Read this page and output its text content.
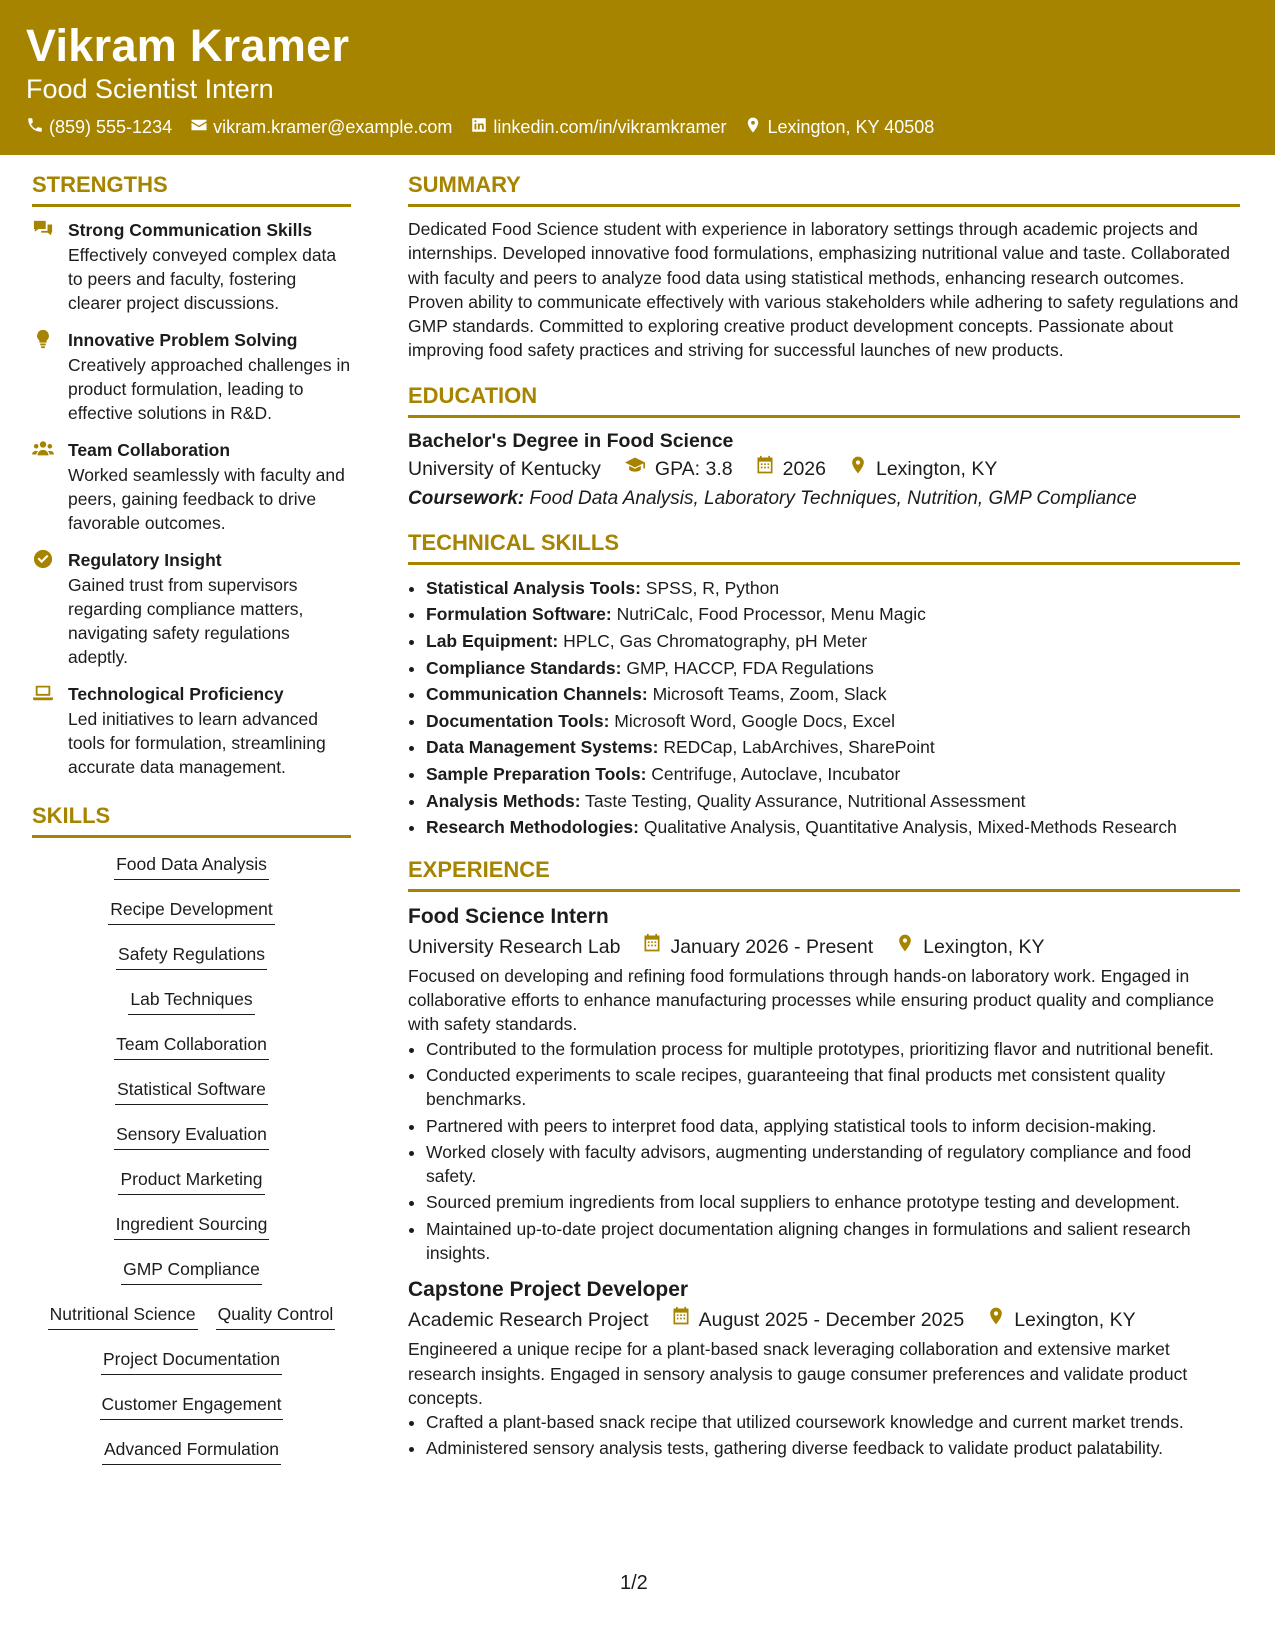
Vikram Kramer
Food Scientist Intern
(859) 555-1234 vikram.kramer@example.com linkedin.com/in/vikramkramer Lexington, KY 40508
STRENGTHS
Strong Communication Skills
Effectively conveyed complex data to peers and faculty, fostering clearer project discussions.
Innovative Problem Solving
Creatively approached challenges in product formulation, leading to effective solutions in R&D.
Team Collaboration
Worked seamlessly with faculty and peers, gaining feedback to drive favorable outcomes.
Regulatory Insight
Gained trust from supervisors regarding compliance matters, navigating safety regulations adeptly.
Technological Proficiency
Led initiatives to learn advanced tools for formulation, streamlining accurate data management.
SKILLS
Food Data Analysis
Recipe Development
Safety Regulations
Lab Techniques
Team Collaboration
Statistical Software
Sensory Evaluation
Product Marketing
Ingredient Sourcing
GMP Compliance
Nutritional Science Quality Control
Project Documentation
Customer Engagement
Advanced Formulation
SUMMARY

Dedicated Food Science student with experience in laboratory settings through academic projects and internships. Developed innovative food formulations, emphasizing nutritional value and taste. Collaborated with faculty and peers to analyze food data using statistical methods, enhancing research outcomes. Proven ability to communicate effectively with various stakeholders while adhering to safety regulations and GMP standards. Committed to exploring creative product development concepts. Passionate about improving food safety practices and striving for successful launches of new products.

EDUCATION
Bachelor's Degree in Food Science
University of Kentucky	GPA: 3.8	2026	Lexington, KY
Coursework: Food Data Analysis, Laboratory Techniques, Nutrition, GMP Compliance
TECHNICAL SKILLS
• Statistical Analysis Tools: SPSS, R, Python
• Formulation Software: NutriCalc, Food Processor, Menu Magic
• Lab Equipment: HPLC, Gas Chromatography, pH Meter
• Compliance Standards: GMP, HACCP, FDA Regulations
• Communication Channels: Microsoft Teams, Zoom, Slack
• Documentation Tools: Microsoft Word, Google Docs, Excel
• Data Management Systems: REDCap, LabArchives, SharePoint
• Sample Preparation Tools: Centrifuge, Autoclave, Incubator
• Analysis Methods: Taste Testing, Quality Assurance, Nutritional Assessment
• Research Methodologies: Qualitative Analysis, Quantitative Analysis, Mixed-Methods Research
EXPERIENCE
Food Science Intern
University Research Lab	January 2026 - Present	Lexington, KY

Focused on developing and refining food formulations through hands-on laboratory work. Engaged in collaborative efforts to enhance manufacturing processes while ensuring product quality and compliance with safety standards.

• Contributed to the formulation process for multiple prototypes, prioritizing flavor and nutritional benefit.
• Conducted experiments to scale recipes, guaranteeing that final products met consistent quality benchmarks.
• Partnered with peers to interpret food data, applying statistical tools to inform decision-making.
• Worked closely with faculty advisors, augmenting understanding of regulatory compliance and food safety.
• Sourced premium ingredients from local suppliers to enhance prototype testing and development.
• Maintained up-to-date project documentation aligning changes in formulations and salient research insights.
Capstone Project Developer
Academic Research Project	August 2025 - December 2025	Lexington, KY

Engineered a unique recipe for a plant-based snack leveraging collaboration and extensive market research insights. Engaged in sensory analysis to gauge consumer preferences and validate product concepts.

• Crafted a plant-based snack recipe that utilized coursework knowledge and current market trends.
• Administered sensory analysis tests, gathering diverse feedback to validate product palatability.
1/2
